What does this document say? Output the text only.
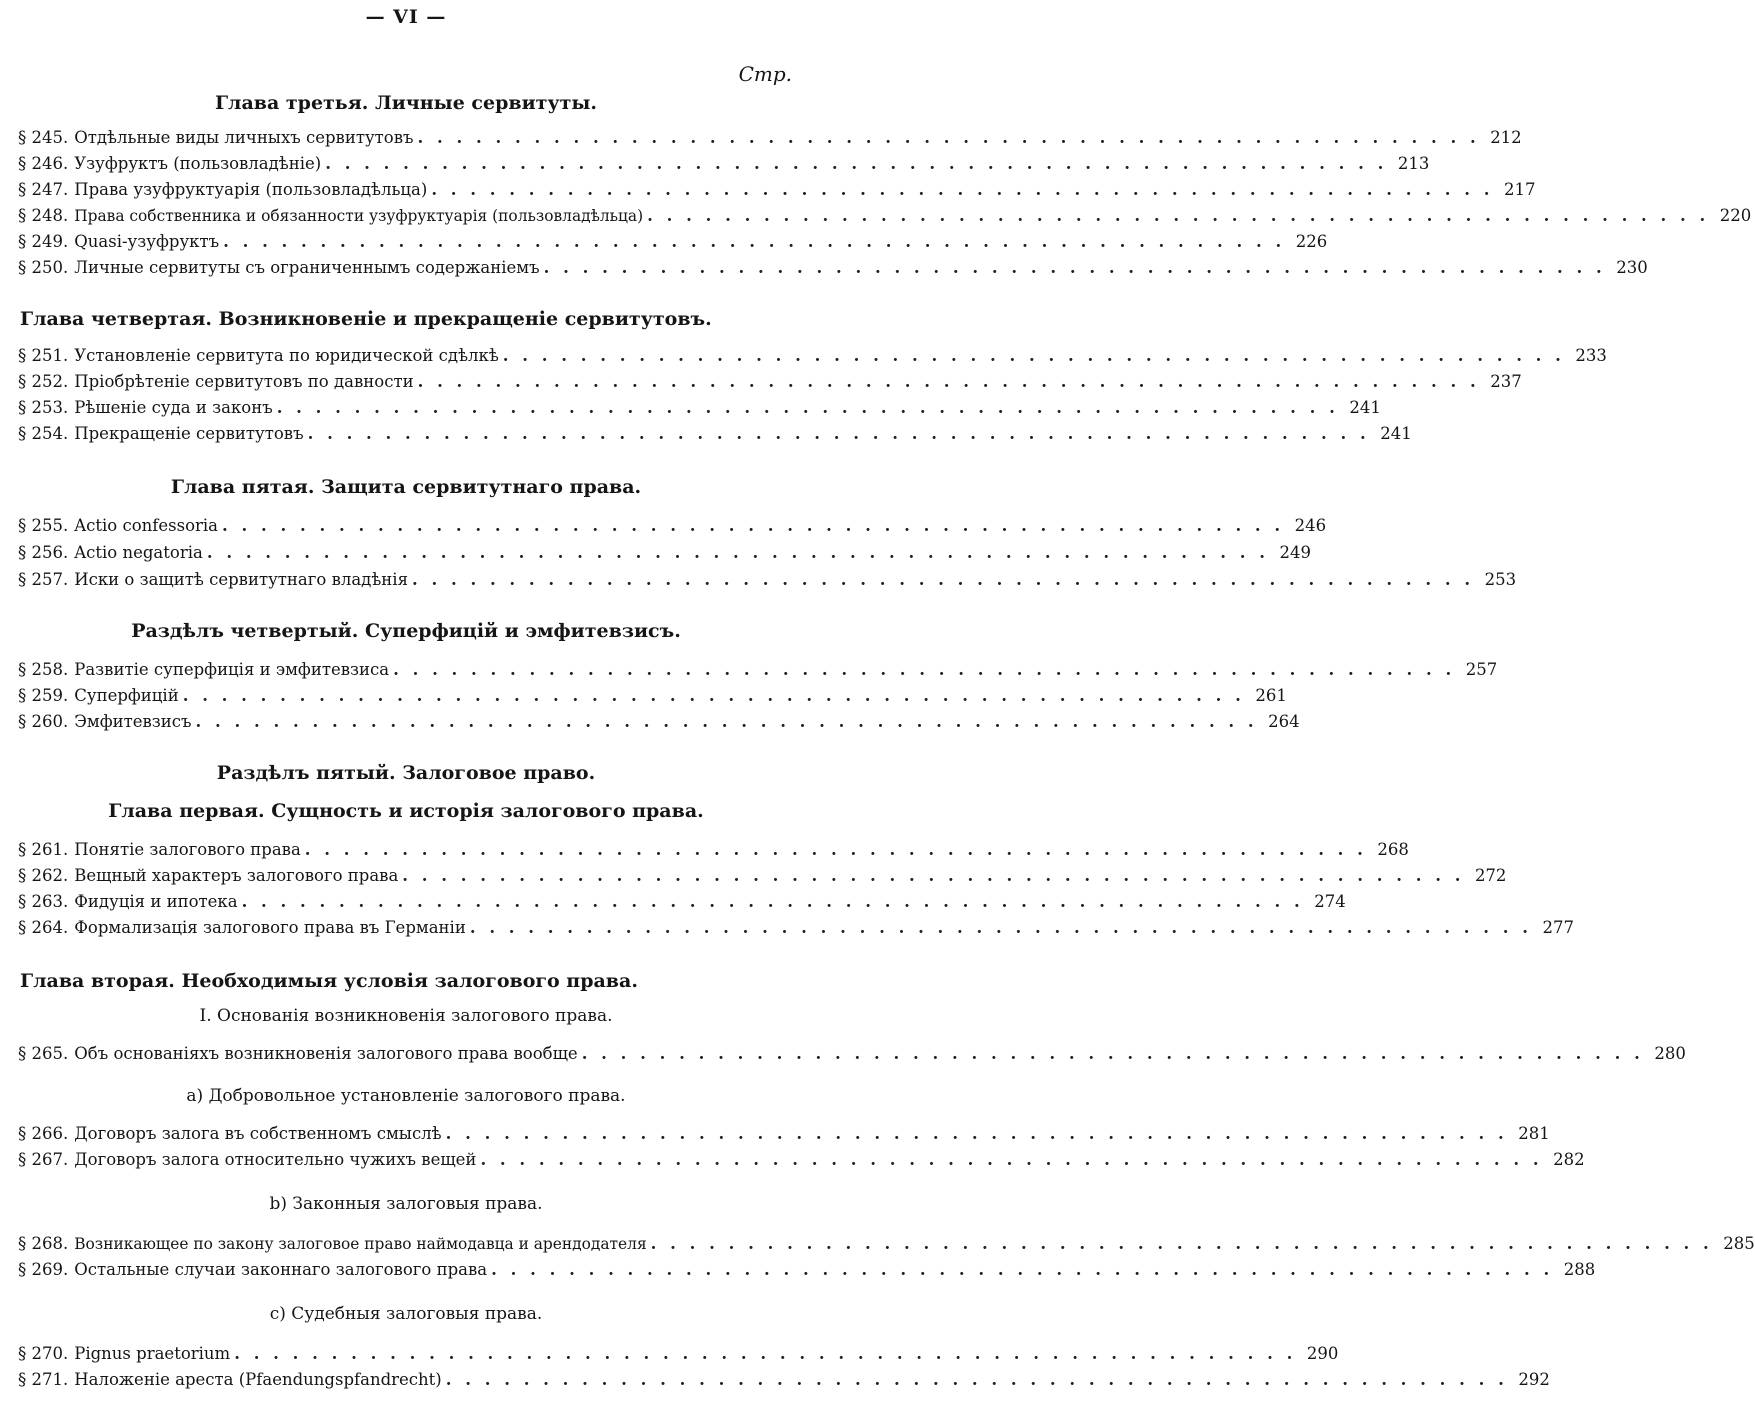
— VI —
Стр.
Глава третья. Личные сервитуты.
§ 245. Отдѣльные виды личныхъ сервитутовъ . . . . . . . . . . . . . . . . . . . . . . . . . . . . . . . . . . . . . . . . . . . . . . . . . . . . . . . 212
§ 246. Узуфруктъ (пользовладѣніе) . . . . . . . . . . . . . . . . . . . . . . . . . . . . . . . . . . . . . . . . . . . . . . . . . . . . . . . 213
§ 247. Права узуфруктуарія (пользовладѣльца) . . . . . . . . . . . . . . . . . . . . . . . . . . . . . . . . . . . . . . . . . . . . . . . . . . . . . . . 217
§ 248. Права собственника и обязанности узуфруктуарія (пользовладѣльца) . . . . . . . . . . . . . . . . . . . . . . . . . . . . . . . . . . . . . . . . . . . . . . . . . . . . . . . 220
§ 249. Quasi-узуфруктъ . . . . . . . . . . . . . . . . . . . . . . . . . . . . . . . . . . . . . . . . . . . . . . . . . . . . . . . 226
§ 250. Личные сервитуты съ ограниченнымъ содержаніемъ . . . . . . . . . . . . . . . . . . . . . . . . . . . . . . . . . . . . . . . . . . . . . . . . . . . . . . . 230
Глава четвертая. Возникновеніе и прекращеніе сервитутовъ.
§ 251. Установленіе сервитута по юридической сдѣлкѣ . . . . . . . . . . . . . . . . . . . . . . . . . . . . . . . . . . . . . . . . . . . . . . . . . . . . . . . 233
§ 252. Пріобрѣтеніе сервитутовъ по давности . . . . . . . . . . . . . . . . . . . . . . . . . . . . . . . . . . . . . . . . . . . . . . . . . . . . . . . 237
§ 253. Рѣшеніе суда и законъ . . . . . . . . . . . . . . . . . . . . . . . . . . . . . . . . . . . . . . . . . . . . . . . . . . . . . . . 241
§ 254. Прекращеніе сервитутовъ . . . . . . . . . . . . . . . . . . . . . . . . . . . . . . . . . . . . . . . . . . . . . . . . . . . . . . . 241
Глава пятая. Защита сервитутнаго права.
§ 255. Actio confessoria . . . . . . . . . . . . . . . . . . . . . . . . . . . . . . . . . . . . . . . . . . . . . . . . . . . . . . . 246
§ 256. Actio negatoria . . . . . . . . . . . . . . . . . . . . . . . . . . . . . . . . . . . . . . . . . . . . . . . . . . . . . . . 249
§ 257. Иски о защитѣ сервитутнаго владѣнія . . . . . . . . . . . . . . . . . . . . . . . . . . . . . . . . . . . . . . . . . . . . . . . . . . . . . . . 253
Раздѣлъ четвертый. Суперфицій и эмфитевзисъ.
§ 258. Развитіе суперфиція и эмфитевзиса . . . . . . . . . . . . . . . . . . . . . . . . . . . . . . . . . . . . . . . . . . . . . . . . . . . . . . . 257
§ 259. Суперфицій . . . . . . . . . . . . . . . . . . . . . . . . . . . . . . . . . . . . . . . . . . . . . . . . . . . . . . . 261
§ 260. Эмфитевзисъ . . . . . . . . . . . . . . . . . . . . . . . . . . . . . . . . . . . . . . . . . . . . . . . . . . . . . . . 264
Раздѣлъ пятый. Залоговое право.
Глава первая. Сущность и исторія залогового права.
§ 261. Понятіе залогового права . . . . . . . . . . . . . . . . . . . . . . . . . . . . . . . . . . . . . . . . . . . . . . . . . . . . . . . 268
§ 262. Вещный характеръ залогового права . . . . . . . . . . . . . . . . . . . . . . . . . . . . . . . . . . . . . . . . . . . . . . . . . . . . . . . 272
§ 263. Фидуція и ипотека . . . . . . . . . . . . . . . . . . . . . . . . . . . . . . . . . . . . . . . . . . . . . . . . . . . . . . . 274
§ 264. Формализація залогового права въ Германіи . . . . . . . . . . . . . . . . . . . . . . . . . . . . . . . . . . . . . . . . . . . . . . . . . . . . . . . 277
Глава вторая. Необходимыя условія залогового права.
I. Основанія возникновенія залогового права.
§ 265. Объ основаніяхъ возникновенія залогового права вообще . . . . . . . . . . . . . . . . . . . . . . . . . . . . . . . . . . . . . . . . . . . . . . . . . . . . . . . 280
a) Добровольное установленіе залогового права.
§ 266. Договоръ залога въ собственномъ смыслѣ . . . . . . . . . . . . . . . . . . . . . . . . . . . . . . . . . . . . . . . . . . . . . . . . . . . . . . . 281
§ 267. Договоръ залога относительно чужихъ вещей . . . . . . . . . . . . . . . . . . . . . . . . . . . . . . . . . . . . . . . . . . . . . . . . . . . . . . . 282
b) Законныя залоговыя права.
§ 268. Возникающее по закону залоговое право наймодавца и арендодателя . . . . . . . . . . . . . . . . . . . . . . . . . . . . . . . . . . . . . . . . . . . . . . . . . . . . . . . 285
§ 269. Остальные случаи законнаго залогового права . . . . . . . . . . . . . . . . . . . . . . . . . . . . . . . . . . . . . . . . . . . . . . . . . . . . . . . 288
c) Судебныя залоговыя права.
§ 270. Pignus praetorium . . . . . . . . . . . . . . . . . . . . . . . . . . . . . . . . . . . . . . . . . . . . . . . . . . . . . . . 290
§ 271. Наложеніе ареста (Pfaendungspfandrecht) . . . . . . . . . . . . . . . . . . . . . . . . . . . . . . . . . . . . . . . . . . . . . . . . . . . . . . . 292
